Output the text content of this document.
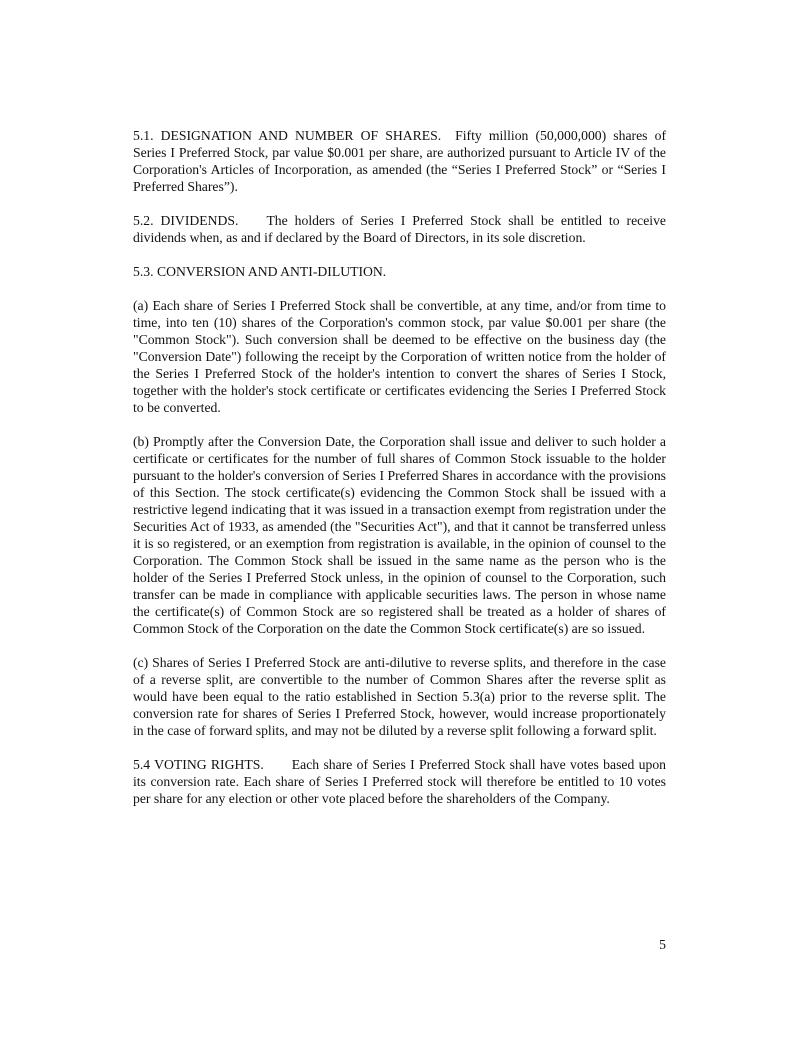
5.1. DESIGNATION AND NUMBER OF SHARES. Fifty million (50,000,000) shares of Series I Preferred Stock, par value $0.001 per share, are authorized pursuant to Article IV of the Corporation's Articles of Incorporation, as amended (the “Series I Preferred Stock” or “Series I Preferred Shares”).

5.2. DIVIDENDS. The holders of Series I Preferred Stock shall be entitled to receive dividends when, as and if declared by the Board of Directors, in its sole discretion.

5.3. CONVERSION AND ANTI-DILUTION.

(a) Each share of Series I Preferred Stock shall be convertible, at any time, and/or from time to time, into ten (10) shares of the Corporation's common stock, par value $0.001 per share (the "Common Stock"). Such conversion shall be deemed to be effective on the business day (the "Conversion Date") following the receipt by the Corporation of written notice from the holder of the Series I Preferred Stock of the holder's intention to convert the shares of Series I Stock, together with the holder's stock certificate or certificates evidencing the Series I Preferred Stock to be converted.

(b) Promptly after the Conversion Date, the Corporation shall issue and deliver to such holder a certificate or certificates for the number of full shares of Common Stock issuable to the holder pursuant to the holder's conversion of Series I Preferred Shares in accordance with the provisions of this Section. The stock certificate(s) evidencing the Common Stock shall be issued with a restrictive legend indicating that it was issued in a transaction exempt from registration under the Securities Act of 1933, as amended (the "Securities Act"), and that it cannot be transferred unless it is so registered, or an exemption from registration is available, in the opinion of counsel to the Corporation. The Common Stock shall be issued in the same name as the person who is the holder of the Series I Preferred Stock unless, in the opinion of counsel to the Corporation, such transfer can be made in compliance with applicable securities laws. The person in whose name the certificate(s) of Common Stock are so registered shall be treated as a holder of shares of Common Stock of the Corporation on the date the Common Stock certificate(s) are so issued.

(c) Shares of Series I Preferred Stock are anti-dilutive to reverse splits, and therefore in the case of a reverse split, are convertible to the number of Common Shares after the reverse split as would have been equal to the ratio established in Section 5.3(a) prior to the reverse split. The conversion rate for shares of Series I Preferred Stock, however, would increase proportionately in the case of forward splits, and may not be diluted by a reverse split following a forward split.

5.4 VOTING RIGHTS. Each share of Series I Preferred Stock shall have votes based upon its conversion rate. Each share of Series I Preferred stock will therefore be entitled to 10 votes per share for any election or other vote placed before the shareholders of the Company.

5
